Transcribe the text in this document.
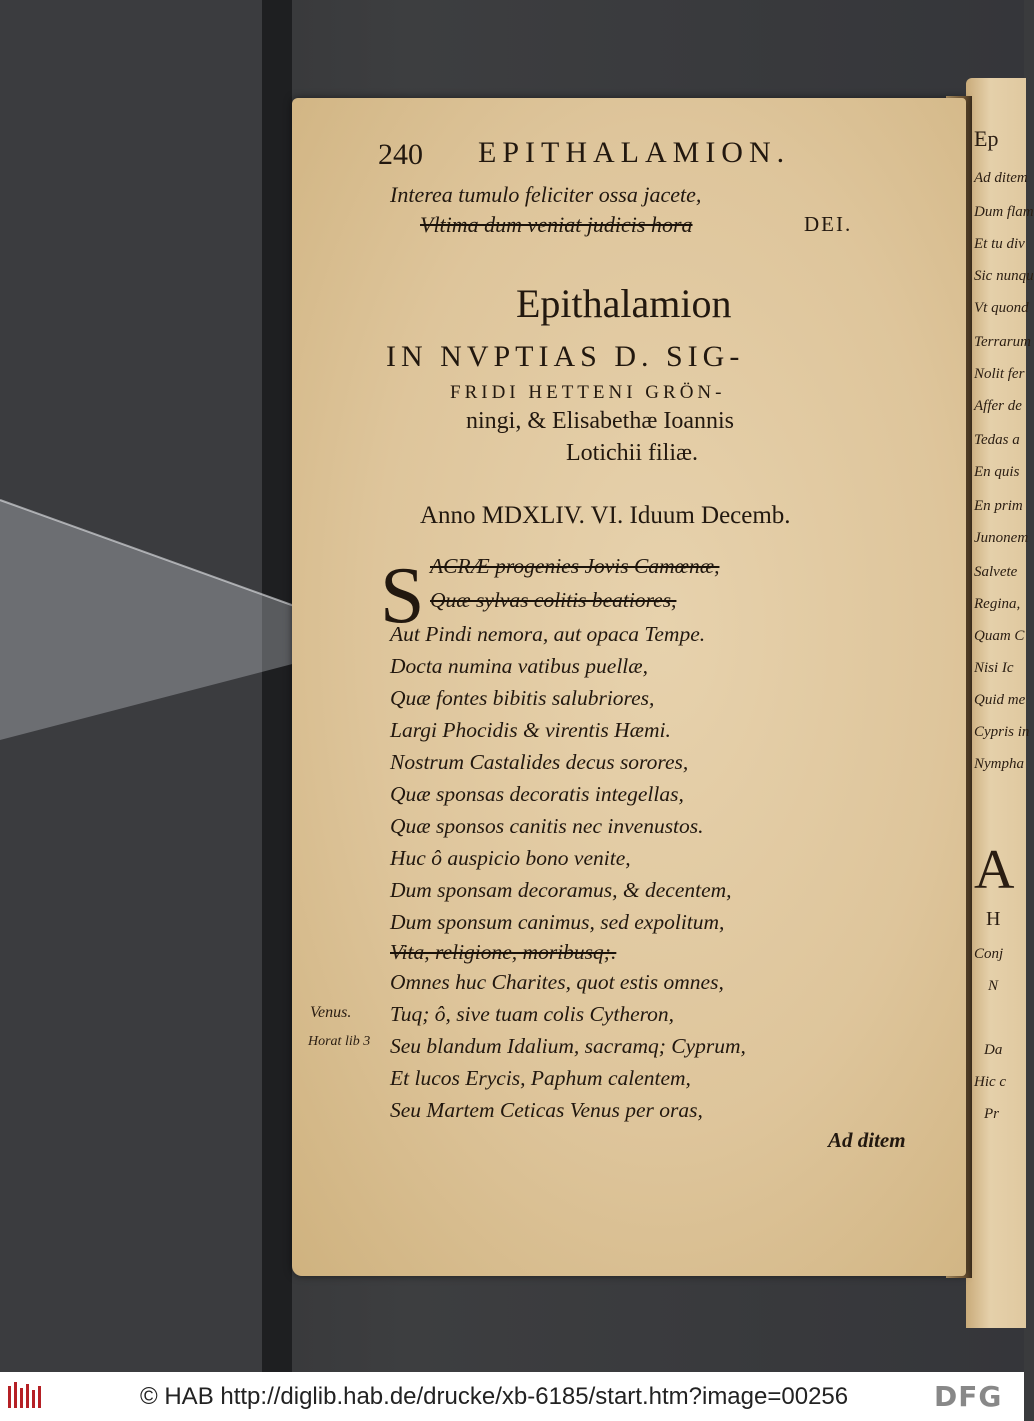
Ep
Ad ditem
Dum flam
Et tu div
Sic nunqu
Vt quond
Terrarum
Nolit fer
Affer de
Tedas a
En quis
En prim
Junonem
Salvete
Regina,
Quam C
Nisi Ic
Quid me
Cypris in
Nympha
A
H
Conj
N
Da
Hic c
Pr
240 EPITHALAMION.
Interea tumulo feliciter ossa jacete,
Vltima dum veniat judicis hora	DEI.
Epithalamion
IN NVPTIAS D. SIG-
FRIDI HETTENI GRÖN-
ningi, & Elisabethæ Ioannis
Lotichii filiæ.
Anno MDXLIV. VI. Iduum Decemb.
S ACRÆ progenies Jovis Camœnæ,
Quæ sylvas colitis beatiores,
Aut Pindi nemora, aut opaca Tempe.
Docta numina vatibus puellæ,
Quæ fontes bibitis salubriores,
Largi Phocidis & virentis Hæmi.
Nostrum Castalides decus sorores,
Quæ sponsas decoratis integellas,
Quæ sponsos canitis nec invenustos.
Huc ô auspicio bono venite,
Dum sponsam decoramus, & decentem,
Dum sponsum canimus, sed expolitum,
Vita, religione, moribusq;.
Omnes huc Charites, quot estis omnes,
Tuq; ô, sive tuam colis Cytheron,
Seu blandum Idalium, sacramq; Cyprum,
Et lucos Erycis, Paphum calentem,
Seu Martem Ceticas Venus per oras,
Ad ditem
Venus.
Horat lib 3
© HAB http://diglib.hab.de/drucke/xb-6185/start.htm?image=00256	DFG
